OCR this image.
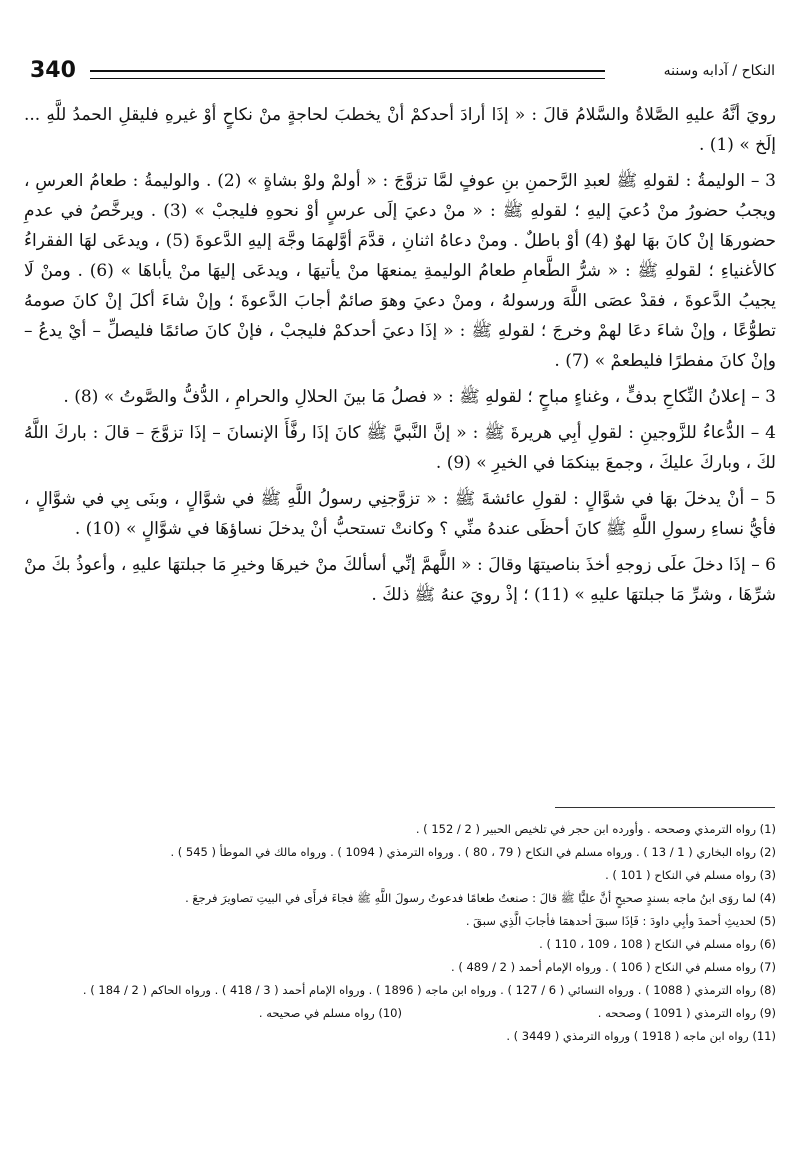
340	النكاح / آدابه وسننه

رويَ أنَّهُ عليهِ الصَّلاةُ والسَّلامُ قالَ : « إذَا أرادَ أحدكمْ أنْ يخطبَ لحاجةٍ منْ نكاحٍ أوْ غيرهِ فليقلِ الحمدُ للَّهِ ... إلَخ » (1) .

3 – الوليمةُ : لقولهِ ﷺ لعبدِ الرَّحمنِ بنِ عوفٍ لمَّا تزوَّجَ : « أولمْ ولوْ بشاةٍ » (2) . والوليمةُ : طعامُ العرسِ ، ويجبُ حضورُ منْ دُعيَ إليهِ ؛ لقولهِ ﷺ : « منْ دعيَ إلَى عرسٍ أوْ نحوهِ فليجبْ » (3) . ويرخَّصُ في عدمِ حضورهَا إنْ كانَ بهَا لهوٌ (4) أوْ باطلٌ . ومنْ دعاهُ اثنانِ ، قدَّمَ أوَّلهمَا وجَّهَ إليهِ الدَّعوةَ (5) ، ويدعَى لهَا الفقراءُ كالأغنياءِ ؛ لقولهِ ﷺ : « شرُّ الطَّعامِ طعامُ الوليمةِ يمنعهَا منْ يأتيهَا ، ويدعَى إليهَا منْ يأباهَا » (6) . ومنْ لَا يجيبُ الدَّعوةَ ، فقدْ عصَى اللَّهَ ورسولهُ ، ومنْ دعيَ وهوَ صائمٌ أجابَ الدَّعوةَ ؛ وإنْ شاءَ أكلَ إنْ كانَ صومهُ تطوُّعًا ، وإنْ شاءَ دعَا لهمْ وخرجَ ؛ لقولهِ ﷺ : « إذَا دعيَ أحدكمْ فليجبْ ، فإنْ كانَ صائمًا فليصلِّ – أيْ يدعُ – وإنْ كانَ مفطرًا فليطعمْ » (7) .

3 – إعلانُ النِّكاحِ بدفٍّ ، وغناءٍ مباحٍ ؛ لقولهِ ﷺ : « فصلُ مَا بينَ الحلالِ والحرامِ ، الدُّفُّ والصَّوتُ » (8) .

4 – الدُّعاءُ للزَّوجينِ : لقولِ أبِي هريرةَ ﷺ : « إنَّ النَّبيَّ ﷺ كانَ إذَا رفَّأَ الإنسانَ – إذَا تزوَّجَ – قالَ : باركَ اللَّهُ لكَ ، وباركَ عليكَ ، وجمعَ بينكمَا في الخيرِ » (9) .

5 – أنْ يدخلَ بهَا في شوَّالٍ : لقولِ عائشةَ ﷺ : « تزوَّجنِي رسولُ اللَّهِ ﷺ في شوَّالٍ ، وبنَى بِي في شوَّالٍ ، فأيُّ نساءِ رسولِ اللَّهِ ﷺ كانَ أحظَى عندهُ منِّي ؟ وكانتْ تستحبُّ أنْ يدخلَ نساؤهَا في شوَّالٍ » (10) .

6 – إذَا دخلَ علَى زوجهِ أخذَ بناصيتهَا وقالَ : « اللَّهمَّ إنِّي أسألكَ منْ خيرهَا وخيرِ مَا جبلتهَا عليهِ ، وأعوذُ بكَ منْ شرِّهَا ، وشرِّ مَا جبلتهَا عليهِ » (11) ؛ إذْ رويَ عنهُ ﷺ ذلكَ .

(1) رواه الترمذي وصححه . وأورده ابن حجر في تلخيص الحبير ( 2 / 152 ) .
(2) رواه البخاري ( 1 / 13 ) . ورواه مسلم في النكاح ( 79 ، 80 ) . ورواه الترمذي ( 1094 ) . ورواه مالك في الموطأ ( 545 ) .
(3) رواه مسلم في النكاح ( 101 ) .
(4) لما روَى ابنُ ماجه بسندٍ صحيحٍ أنَّ عليًّا ﷺ قالَ : صنعتُ طعامًا فدعوتُ رسولَ اللَّهِ ﷺ فجاءَ فرأَى في البيتِ تصاويرَ فرجعَ .
(5) لحديثِ أحمدَ وأبِي داودَ : فَإذَا سبقَ أحدهمَا فأجابَ الَّذِي سبقَ .
(6) رواه مسلم في النكاح ( 108 ، 109 ، 110 ) .
(7) رواه مسلم في النكاح ( 106 ) . ورواه الإمام أحمد ( 2 / 489 ) .
(8) رواه الترمذي ( 1088 ) . ورواه النسائي ( 6 / 127 ) . ورواه ابن ماجه ( 1896 ) . ورواه الإمام أحمد ( 3 / 418 ) . ورواه الحاكم ( 2 / 184 ) .
(9) رواه الترمذي ( 1091 ) وصححه .
(10) رواه مسلم في صحيحه .
(11) رواه ابن ماجه ( 1918 ) ورواه الترمذي ( 3449 ) .
